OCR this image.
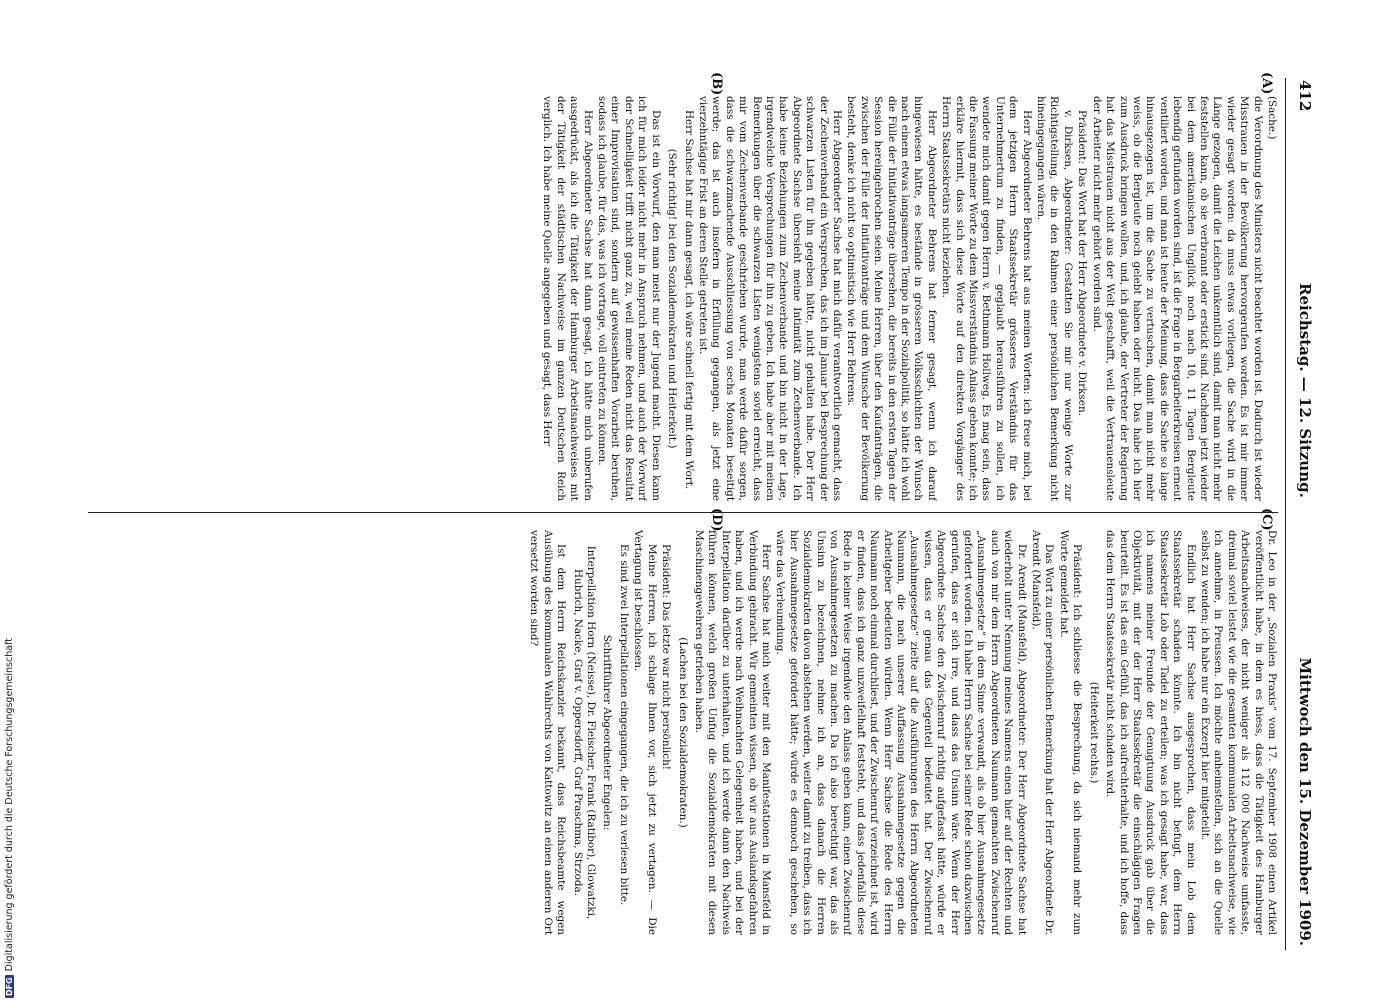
412
Reichstag. — 12. Sitzung.
Mittwoch den 15. Dezember 1909.
(A)
(B)
(C)
(D)

(Sache.)

die Verordnung des Ministers nicht beachtet worden ist. Dadurch ist wieder Misstrauen in der Bevölkerung hervorgerufen worden. Es ist mir immer wieder gesagt worden: da muss etwas vorliegen, die Sache wird in die Länge gezogen, damit die Leichen unkenntlich sind, damit man nicht mehr feststellen kann, ob sie verbrannt oder erstickt sind. Nachdem jetzt wieder bei dem amerikanischen Unglück noch nach 10, 11 Tagen Bergleute lebendig gefunden worden sind, ist die Frage in Bergarbeiterkreisen erneut ventiliert worden, und man ist heute der Meinung, dass die Sache so lange hinausgezogen ist, um die Sache zu vertuschen, damit man nicht mehr weiss, ob die Bergleute noch gelebt haben oder nicht. Das habe ich hier zum Ausdruck bringen wollen, und, ich glaube, der Vertreter der Regierung hat das Misstrauen nicht aus der Welt geschafft, weil die Vertrauensleute der Arbeiter nicht mehr gehört worden sind.

Präsident: Das Wort hat der Herr Abgeordnete v. Dirksen.

v. Dirksen, Abgeordneter: Gestatten Sie mir nur wenige Worte zur Richtigstellung, die in den Rahmen einer persönlichen Bemerkung nicht hineingegangen wären.

Herr Abgeordneter Behrens hat aus meinen Worten: ich freue mich, bei dem jetzigen Herrn Staatssekretär grösseres Verständnis für das Unternehmertum zu finden, — geglaubt herausführen zu sollen, ich wendete mich damit gegen Herrn v. Bethmann Hollweg. Es mag sein, dass die Fassung meiner Worte zu dem Missverständnis Anlass geben konnte; ich erkläre hiermit, dass sich diese Worte auf den direkten Vorgänger des Herrn Staatssekretärs nicht beziehen.

Herr Abgeordneter Behrens hat ferner gesagt, wenn ich darauf hingewiesen hätte, es bestände in grösseren Volksschichten der Wunsch nach einem etwas langsameren Tempo in der Sozialpolitik, so hätte ich wohl die Fülle der Initiativanträge übersehen, die bereits in den ersten Tagen der Session hereingebrochen seien. Meine Herren, über den Kaufanträgen, die zwischen der Fülle der Initiativanträge und dem Wunsche der Bevölkerung besteht, denke ich nicht so optimistisch wie Herr Behrens.

Herr Abgeordneter Sachse hat mich dafür verantwortlich gemacht, dass der Zechenverband ein Versprechen, das ich im Januar bei Besprechung der schwarzen Listen für ihn gegeben hätte, nicht gehalten habe. Der Herr Abgeordnete Sachse übersieht meine Intimität zum Zechenverbande. Ich habe keine Beziehungen zum Zechenverbande und bin nicht in der Lage, irgendwelche Versprechungen für ihn zu geben. Ich habe aber mit meinen Bemerkungen über die schwarzen Listen wenigstens soviel erreicht, dass mir vom Zechenverbande geschrieben wurde, man werde dafür sorgen, dass die schwarzmachende Ausschliessung von sechs Monaten beseitigt werde; das ist auch insofern in Erfüllung gegangen, als jetzt eine vierzehntägige Frist an deren Stelle getreten ist.

Herr Sachse hat mir dann gesagt, ich wäre schnell fertig mit dem Wort.

(Sehr richtig! bei den Sozialdemokraten und Heiterkeit.)

Das ist ein Vorwurf, den man meist nur der Jugend macht. Diesen kann ich für mich leider nicht mehr in Anspruch nehmen, und auch der Vorwurf der Schnelligkeit trifft nicht ganz zu, weil meine Reden nicht das Resultat einer Improvisation sind, sondern auf gewissenhaften Vorarbeit beruhen, sodass ich glaube, für das, was ich vortrage, voll eintreten zu können.

Herr Abgeordneter Sachse hat dann gesagt, ich hätte mich unberufen ausgedrückt, als ich die Tätigkeit der Hamburger Arbeitsnachweises mit der Tätigkeit der städtischen Nachweise im ganzen Deutschen Reich verglich. Ich habe meine Quelle angegeben und gesagt, dass Herr

Dr. Leo in der „Sozialen Praxis“ vom 17. September 1908 einen Artikel veröffentlicht habe, in dem es hiess, dass die Tätigkeit des Hamburger Arbeitsnachweises, der nicht weniger als 112 000 Nachweise umfasste, dreimal soviel leistet wie die gesamten kommunalen Arbeitsnachweise, wie ich annehme, in Preussen. Ich möchte anheimstellen, sich an die Quelle selbst zu wenden; ich habe nur ein Exzerpt hier mitgeteilt.

Endlich hat Herr Sachse ausgesprochen, dass mein Lob dem Staatssekretär schaden könnte. Ich bin nicht befugt, dem Herrn Staatssekretär Lob oder Tadel zu erteilen; was ich gesagt habe, war, dass ich namens meiner Freunde der Genugtuung Ausdruck gab über die Objektivität, mit der der Herr Staatssekretär die einschlägigen Fragen beurteilt. Es ist das ein Gefühl, das ich aufrechterhalte, und ich hoffe, dass das dem Herrn Staatssekretär nicht schaden wird.

(Heiterkeit rechts.)

Präsident: Ich schliesse die Besprechung, da sich niemand mehr zum Worte gemeldet hat.

Das Wort zu einer persönlichen Bemerkung hat der Herr Abgeordnete Dr. Arendt (Mansfeld).

Dr. Arendt (Mansfeld), Abgeordneter: Der Herr Abgeordnete Sachse hat wiederholt unter Nennung meines Namens einen hier auf der Rechten und auch von mir dem Herrn Abgeordneten Naumann gemachten Zwischenruf „Ausnahmegesetze“ in dem Sinne verwandt, als ob hier Ausnahmegesetze gefordert worden. Ich habe Herrn Sachse bei seiner Rede schon dazwischen gerufen, dass er sich irre, und dass das Unsinn wäre. Wenn der Herr Abgeordnete Sachse den Zwischenruf richtig aufgefasst hätte, würde er wissen, dass er genau das Gegenteil bedeutet hat. Der Zwischenruf „Ausnahmegesetze“ zielte auf die Ausführungen des Herrn Abgeordneten Naumann, die nach unserer Auffassung Ausnahmegesetze gegen die Arbeitgeber bedeuten würden. Wenn Herr Sachse die Rede des Herrn Naumann noch einmal durchliest, und der Zwischenruf verzeichnet ist, wird er finden, dass ich ganz unzweifelhaft feststeht, und dass jedenfalls diese Rede in keiner Weise irgendwie den Anlass geben kann, einen Zwischenruf von Ausnahmegesetzen zu machen. Da ich also berechtigt war, das als Unsinn zu bezeichnen, nehme ich an, dass danach die Herren Sozialdemokraten davon abstehen werden, weiter damit zu treiben, dass ich hier Ausnahmegesetze gefordert hätte; würde es dennoch geschehen, so wäre das Verleumdung.

Herr Sachse hat mich weiter mit den Manifestationen in Mansfeld in Verbindung gebracht. Wir gemeinten wissen, ob wir aus Auslandsgefahren haben, und ich werde nach Weihnachten Gelegenheit haben, und bei der Interpellation darüber zu unterhalten, und ich werde dann den Nachweis führen können, welch großen Unfug die Sozialdemokraten mit diesen Maschinengewehren getrieben haben.

(Lachen bei den Sozialdemokraten.)

Präsident: Das letzte war nicht persönlich!

Meine Herren, ich schlage Ihnen vor, sich jetzt zu vertagen. — Die Vertagung ist beschlossen.

Es sind zwei Interpellationen eingegangen, die ich zu verlesen bitte.

Schriftführer Abgeordneter Engelen:

Interpellation Horn (Neisse), Dr. Fleischer, Frank (Ratibor), Glowatzki, Hubrich, Nacke, Graf v. Oppersdorff, Graf Praschma, Strzoda.

Ist dem Herrn Reichskanzler bekannt, dass Reichsbeamte wegen Ausübung des kommunalen Wahlrechts von Kattowitz an einen anderen Ort versetzt worden sind?

DFGDigitalisierung gefördert durch die Deutsche Forschungsgemeinschaft
